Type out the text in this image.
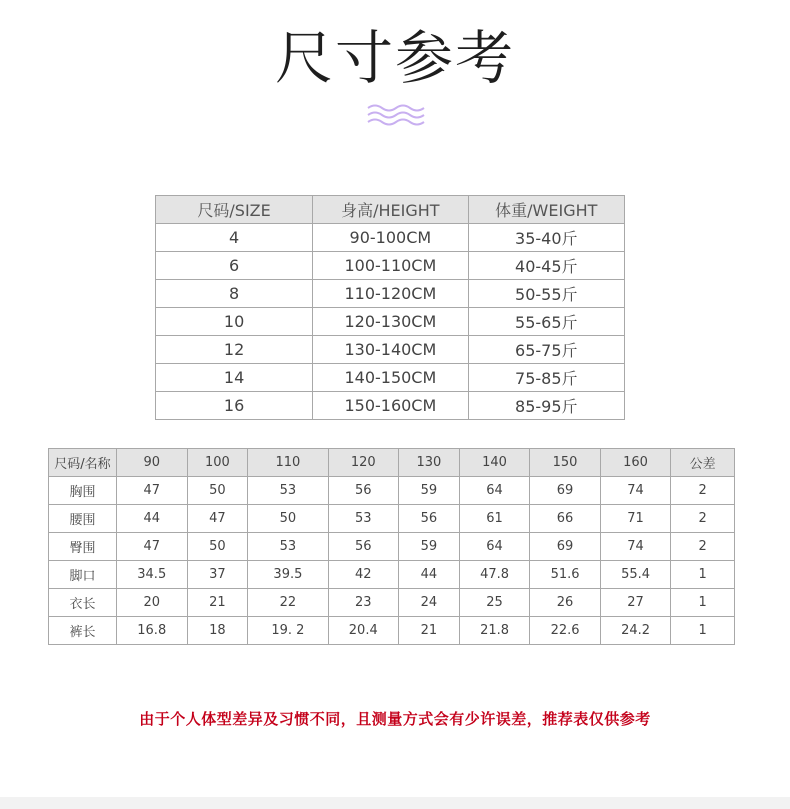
尺寸参考
尺码/SIZE	身高/HEIGHT	体重/WEIGHT
4	90-100CM	35-40斤
6	100-110CM	40-45斤
8	110-120CM	50-55斤
10	120-130CM	55-65斤
12	130-140CM	65-75斤
14	140-150CM	75-85斤
16	150-160CM	85-95斤
尺码/名称	90	100	110	120	130	140	150	160	公差
胸围	47	50	53	56	59	64	69	74	2
腰围	44	47	50	53	56	61	66	71	2
臀围	47	50	53	56	59	64	69	74	2
脚口	34.5	37	39.5	42	44	47.8	51.6	55.4	1
衣长	20	21	22	23	24	25	26	27	1
裤长	16.8	18	19. 2	20.4	21	21.8	22.6	24.2	1
由于个人体型差异及习惯不同，且测量方式会有少许误差，推荐表仅供参考
